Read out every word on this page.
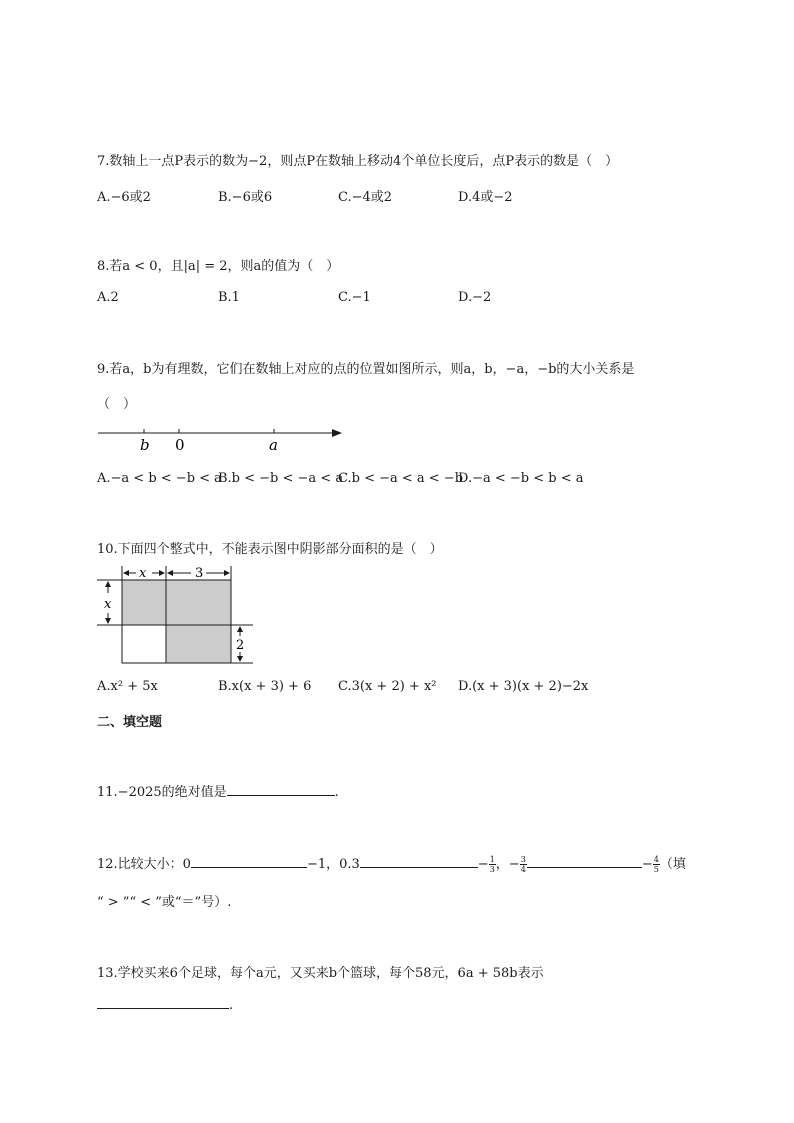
7.数轴上一点P表示的数为−2，则点P在数轴上移动4个单位长度后，点P表示的数是（　）
A.−6或2	B.−6或6	C.−4或2	D.4或−2
8.若a < 0，且|a| = 2，则a的值为（　）
A.2	B.1	C.−1	D.−2
9.若a，b为有理数，它们在数轴上对应的点的位置如图所示，则a，b，−a，−b的大小关系是
（　）
b 0	a
A.−a < b < −b < a
B.b < −b < −a < a
C.b < −a < a < −b
D.−a < −b < b < a
10.下面四个整式中，不能表示图中阴影部分面积的是（　）
x	3
x
2
A.x² + 5x	B.x(x + 3) + 6 C.3(x + 2) + x² D.(x + 3)(x + 2)−2x
二、填空题
11.−2025的绝对值是	.
12.比较大小：0	−1，0.3	− $\frac{1}{3}$ ，− $\frac{3}{4}$	− $\frac{4}{5}$ （填
“ > ”“ < ”或“＝”号）.
13.学校买来6个足球，每个a元，又买来b个篮球，每个58元，6a + 58b表示
.
